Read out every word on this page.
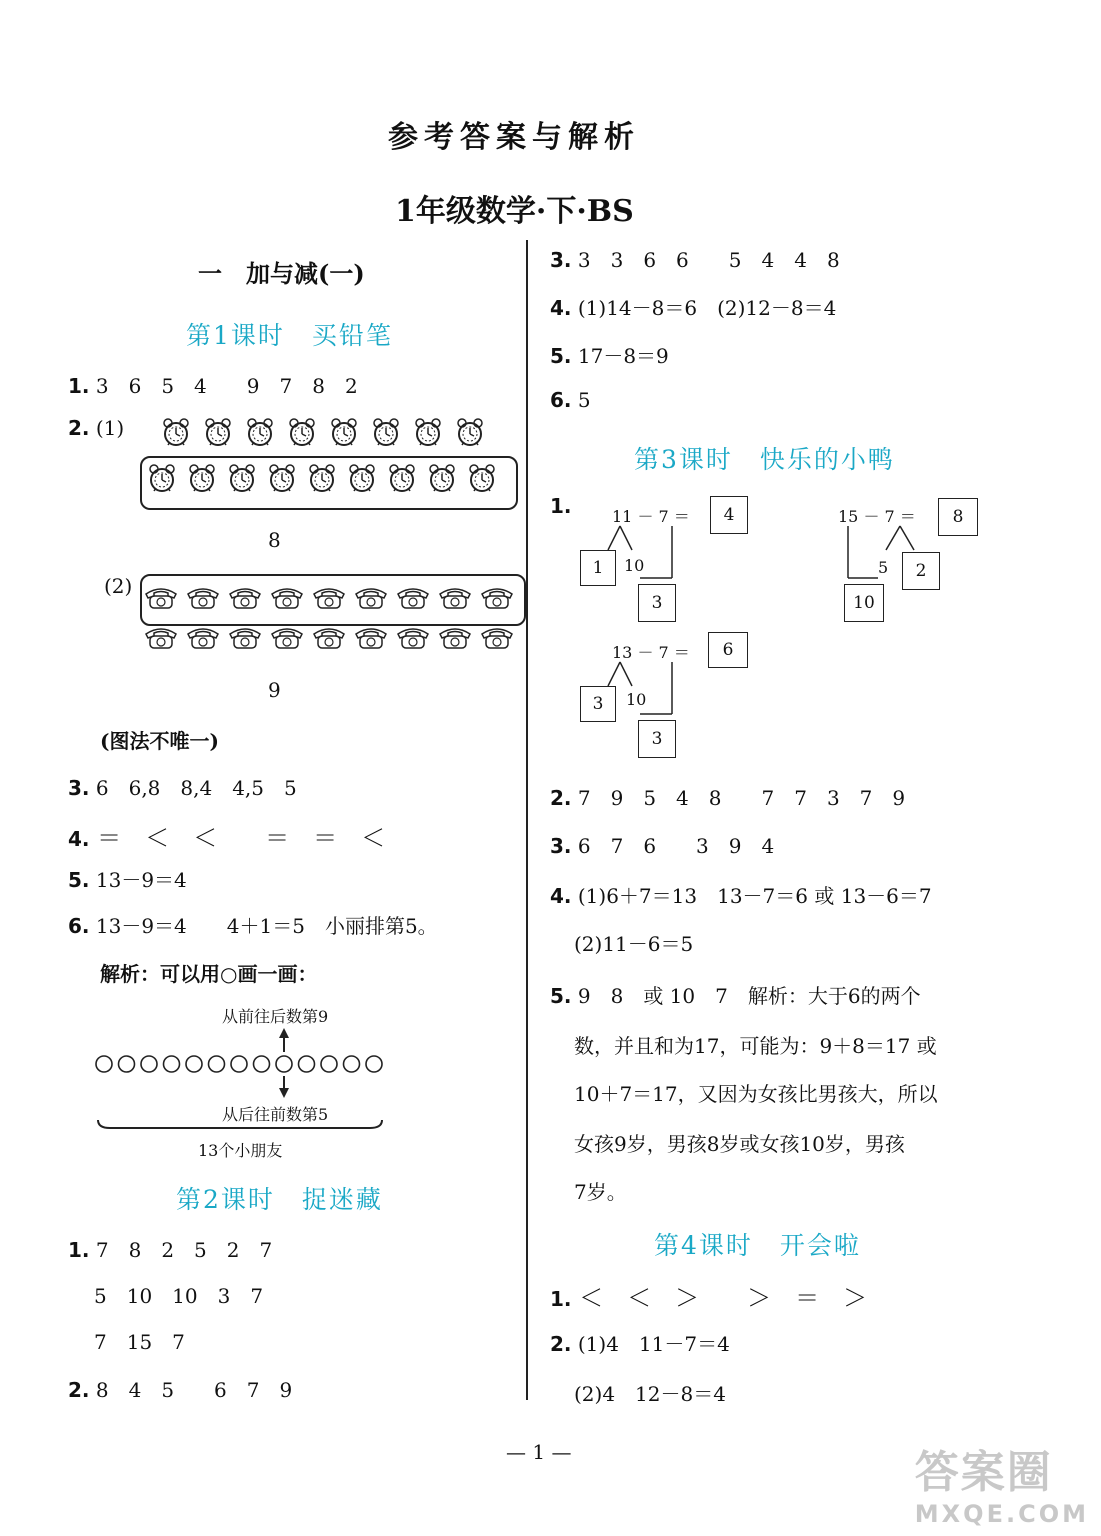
参考答案与解析
1年级数学·下·BS
一　加与减(一)
第1课时　买铅笔
1. 3　6　5　4　　9　7　8　2
2. (1)
8
(2)
9
(图法不唯一)
3. 6　6,8　8,4　4,5　5
4. ＝　＜　＜　　＝　＝　＜
5. 13－9＝4
6. 13－9＝4　　4＋1＝5　小丽排第5。
解析：可以用○画一画：
从前往后数第9
从后往前数第5
13个小朋友
第2课时　捉迷藏
1. 7　8　2　5　2　7
5　10　10　3　7
7　15　7
2. 8　4　5　　6　7　9
3. 3　3　6　6　　5　4　4　8
4. (1)14－8＝6　(2)12－8＝4
5. 17－8＝9
6. 5
第3课时　快乐的小鸭
1.	11 － 7 ＝	4
1	10
3
15 － 7 ＝	8
5	2
10
13 － 7 ＝	6
3	10
3
2. 7　9　5　4　8　　7　7　3　7　9
3. 6　7　6　　3　9　4
4. (1)6＋7＝13　13－7＝6 或 13－6＝7
(2)11－6＝5
5. 9　8　或 10　7　解析：大于6的两个
数，并且和为17，可能为：9＋8＝17 或
10＋7＝17，又因为女孩比男孩大，所以
女孩9岁，男孩8岁或女孩10岁，男孩
7岁。
第4课时　开会啦
1. ＜　＜　＞　　＞　＝　＞
2. (1)4　11－7＝4
(2)4　12－8＝4
— 1 —	答案圈
MXQE.COM
